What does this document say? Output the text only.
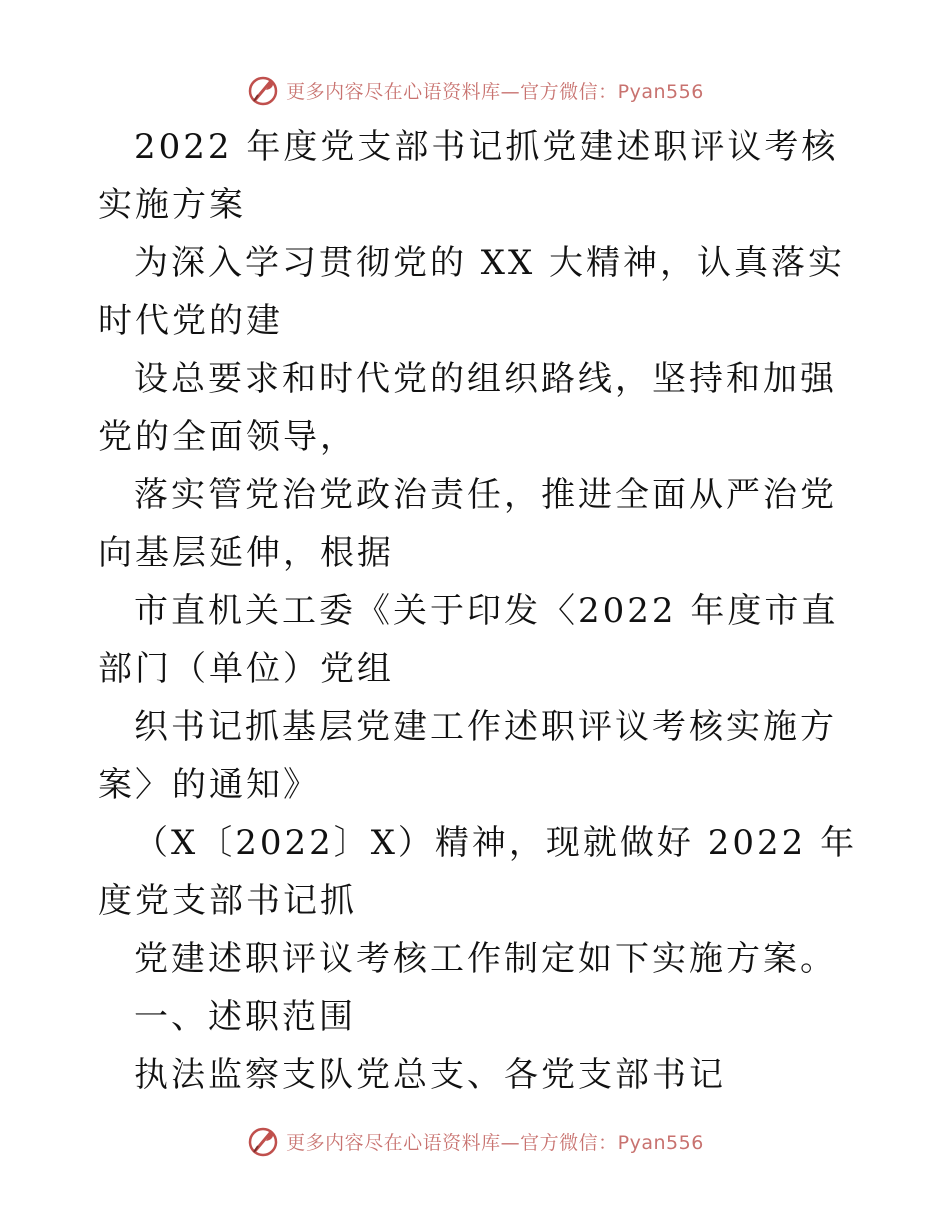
更多内容尽在心语资料库—官方微信：Pyan556

2022 年度党支部书记抓党建述职评议考核实施方案

为深入学习贯彻党的 XX 大精神，认真落实时代党的建

设总要求和时代党的组织路线，坚持和加强党的全面领导，

落实管党治党政治责任，推进全面从严治党向基层延伸，根据

市直机关工委《关于印发〈2022 年度市直部门（单位）党组

织书记抓基层党建工作述职评议考核实施方案〉的通知》

（X〔2022〕X）精神，现就做好 2022 年度党支部书记抓

党建述职评议考核工作制定如下实施方案。

一、述职范围

执法监察支队党总支、各党支部书记

更多内容尽在心语资料库—官方微信：Pyan556
